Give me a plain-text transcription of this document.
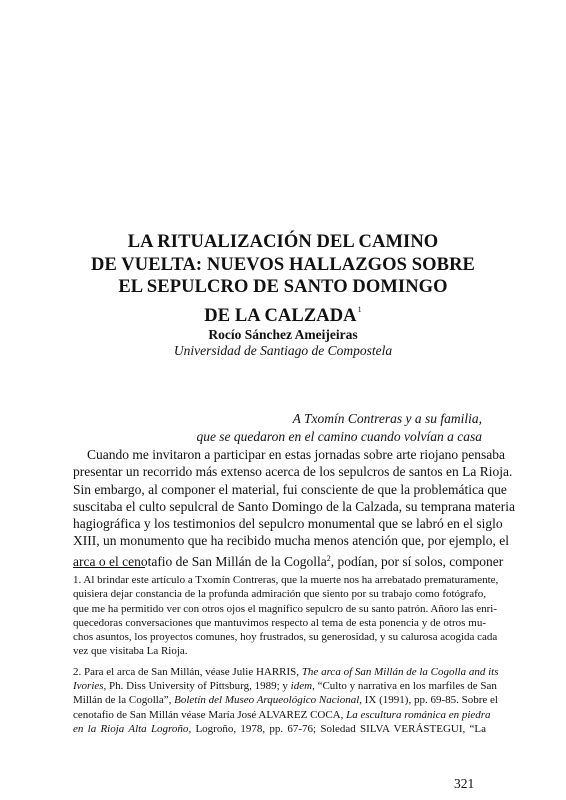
LA RITUALIZACIÓN DEL CAMINO
DE VUELTA: NUEVOS HALLAZGOS SOBRE
EL SEPULCRO DE SANTO DOMINGO
DE LA CALZADA$^1$
Rocío Sánchez Ameijeiras
Universidad de Santiago de Compostela
A Txomín Contreras y a su familia,
que se quedaron en el camino cuando volvían a casa
Cuando me invitaron a participar en estas jornadas sobre arte riojano pensaba
presentar un recorrido más extenso acerca de los sepulcros de santos en La Rioja.
Sin embargo, al componer el material, fui consciente de que la problemática que
suscitaba el culto sepulcral de Santo Domingo de la Calzada, su temprana materia
hagiográfica y los testimonios del sepulcro monumental que se labró en el siglo
XIII, un monumento que ha recibido mucha menos atención que, por ejemplo, el
arca o el cenotafio de San Millán de la Cogolla$^2$, podían, por sí solos, componer
1. Al brindar este artículo a Txomín Contreras, que la muerte nos ha arrebatado prematuramente,
quisiera dejar constancia de la profunda admiración que siento por su trabajo como fotógrafo,
que me ha permitido ver con otros ojos el magnífico sepulcro de su santo patrón. Añoro las enri-
quecedoras conversaciones que mantuvimos respecto al tema de esta ponencia y de otros mu-
chos asuntos, los proyectos comunes, hoy frustrados, su generosidad, y su calurosa acogida cada
vez que visitaba La Rioja.
2. Para el arca de San Millán, véase Julie HARRIS, The arca of San Millán de la Cogolla and its
Ivories, Ph. Diss University of Pittsburg, 1989; y idem, “Culto y narrativa en los marfiles de San
Millán de la Cogolla”, Boletín del Museo Arqueológico Nacional, IX (1991), pp. 69-85. Sobre el
cenotafio de San Millán véase María José ALVAREZ COCA, La escultura románica en piedra
en la Rioja Alta Logroño, Logroño, 1978, pp. 67-76; Soledad SILVA VERÁSTEGUI, “La
321
